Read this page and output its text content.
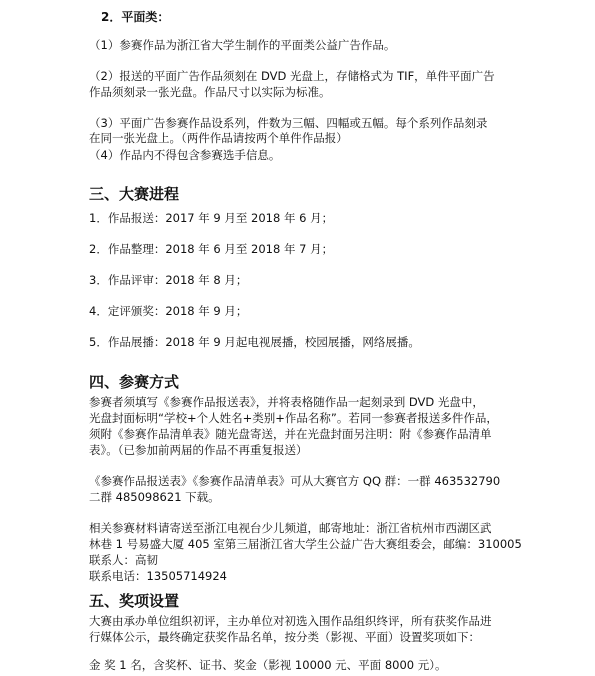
2．平面类：
（1）参赛作品为浙江省大学生制作的平面类公益广告作品。
（2）报送的平面广告作品须刻在 DVD 光盘上，存储格式为 TIF，单件平面广告
作品须刻录一张光盘。作品尺寸以实际为标准。
（3）平面广告参赛作品设系列，件数为三幅、四幅或五幅。每个系列作品刻录
在同一张光盘上。（两件作品请按两个单件作品报）
（4）作品内不得包含参赛选手信息。
三、大赛进程
1．作品报送：2017 年 9 月至 2018 年 6 月；
2．作品整理：2018 年 6 月至 2018 年 7 月；
3．作品评审：2018 年 8 月；
4．定评颁奖：2018 年 9 月；
5．作品展播：2018 年 9 月起电视展播，校园展播，网络展播。
四、参赛方式
参赛者须填写《参赛作品报送表》，并将表格随作品一起刻录到 DVD 光盘中，
光盘封面标明“学校+个人姓名+类别+作品名称”。若同一参赛者报送多件作品，
须附《参赛作品清单表》随光盘寄送，并在光盘封面另注明：附《参赛作品清单
表》。（已参加前两届的作品不再重复报送）
《参赛作品报送表》《参赛作品清单表》可从大赛官方 QQ 群：一群 463532790
二群 485098621 下载。
相关参赛材料请寄送至浙江电视台少儿频道，邮寄地址：浙江省杭州市西湖区武
林巷 1 号易盛大厦 405 室第三届浙江省大学生公益广告大赛组委会，邮编：310005
联系人：高韧
联系电话：13505714924
五、奖项设置
大赛由承办单位组织初评，主办单位对初选入围作品组织终评，所有获奖作品进
行媒体公示，最终确定获奖作品名单，按分类（影视、平面）设置奖项如下：
金 奖 1 名，含奖杯、证书、奖金（影视 10000 元、平面 8000 元）。
